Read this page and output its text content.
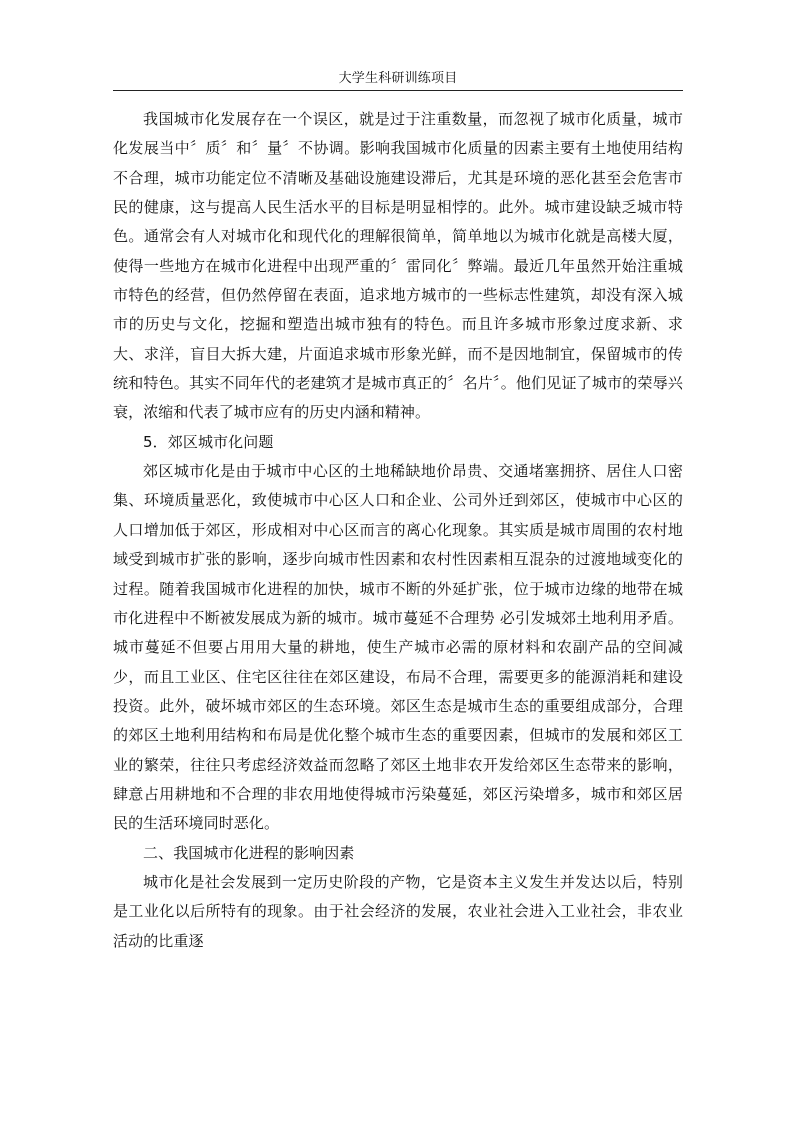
大学生科研训练项目

我国城市化发展存在一个误区，就是过于注重数量，而忽视了城市化质量，城市化发展当中〞质〞和〞量〞不协调。影响我国城市化质量的因素主要有土地使用结构不合理，城市功能定位不清晰及基础设施建设滞后，尤其是环境的恶化甚至会危害市民的健康，这与提高人民生活水平的目标是明显相悖的。此外。城市建设缺乏城市特色。通常会有人对城市化和现代化的理解很简单，简单地以为城市化就是高楼大厦，使得一些地方在城市化进程中出现严重的〞雷同化〞弊端。最近几年虽然开始注重城市特色的经营，但仍然停留在表面，追求地方城市的一些标志性建筑，却没有深入城市的历史与文化，挖掘和塑造出城市独有的特色。而且许多城市形象过度求新、求大、求洋，盲目大拆大建，片面追求城市形象光鲜，而不是因地制宜，保留城市的传统和特色。其实不同年代的老建筑才是城市真正的〞名片〞。他们见证了城市的荣辱兴衰，浓缩和代表了城市应有的历史内涵和精神。

5．郊区城市化问题

郊区城市化是由于城市中心区的土地稀缺地价昂贵、交通堵塞拥挤、居住人口密集、环境质量恶化，致使城市中心区人口和企业、公司外迁到郊区，使城市中心区的人口增加低于郊区，形成相对中心区而言的离心化现象。其实质是城市周围的农村地域受到城市扩张的影响，逐步向城市性因素和农村性因素相互混杂的过渡地域变化的过程。随着我国城市化进程的加快，城市不断的外延扩张，位于城市边缘的地带在城市化进程中不断被发展成为新的城市。城市蔓延不合理势 必引发城郊土地利用矛盾。城市蔓延不但要占用用大量的耕地，使生产城市必需的原材料和农副产品的空间减少，而且工业区、住宅区往往在郊区建设，布局不合理，需要更多的能源消耗和建设投资。此外，破坏城市郊区的生态环境。郊区生态是城市生态的重要组成部分，合理的郊区土地利用结构和布局是优化整个城市生态的重要因素，但城市的发展和郊区工业的繁荣，往往只考虑经济效益而忽略了郊区土地非农开发给郊区生态带来的影响，肆意占用耕地和不合理的非农用地使得城市污染蔓延，郊区污染增多，城市和郊区居民的生活环境同时恶化。

二、我国城市化进程的影响因素

城市化是社会发展到一定历史阶段的产物，它是资本主义发生并发达以后，特别是工业化以后所特有的现象。由于社会经济的发展，农业社会进入工业社会，非农业活动的比重逐
